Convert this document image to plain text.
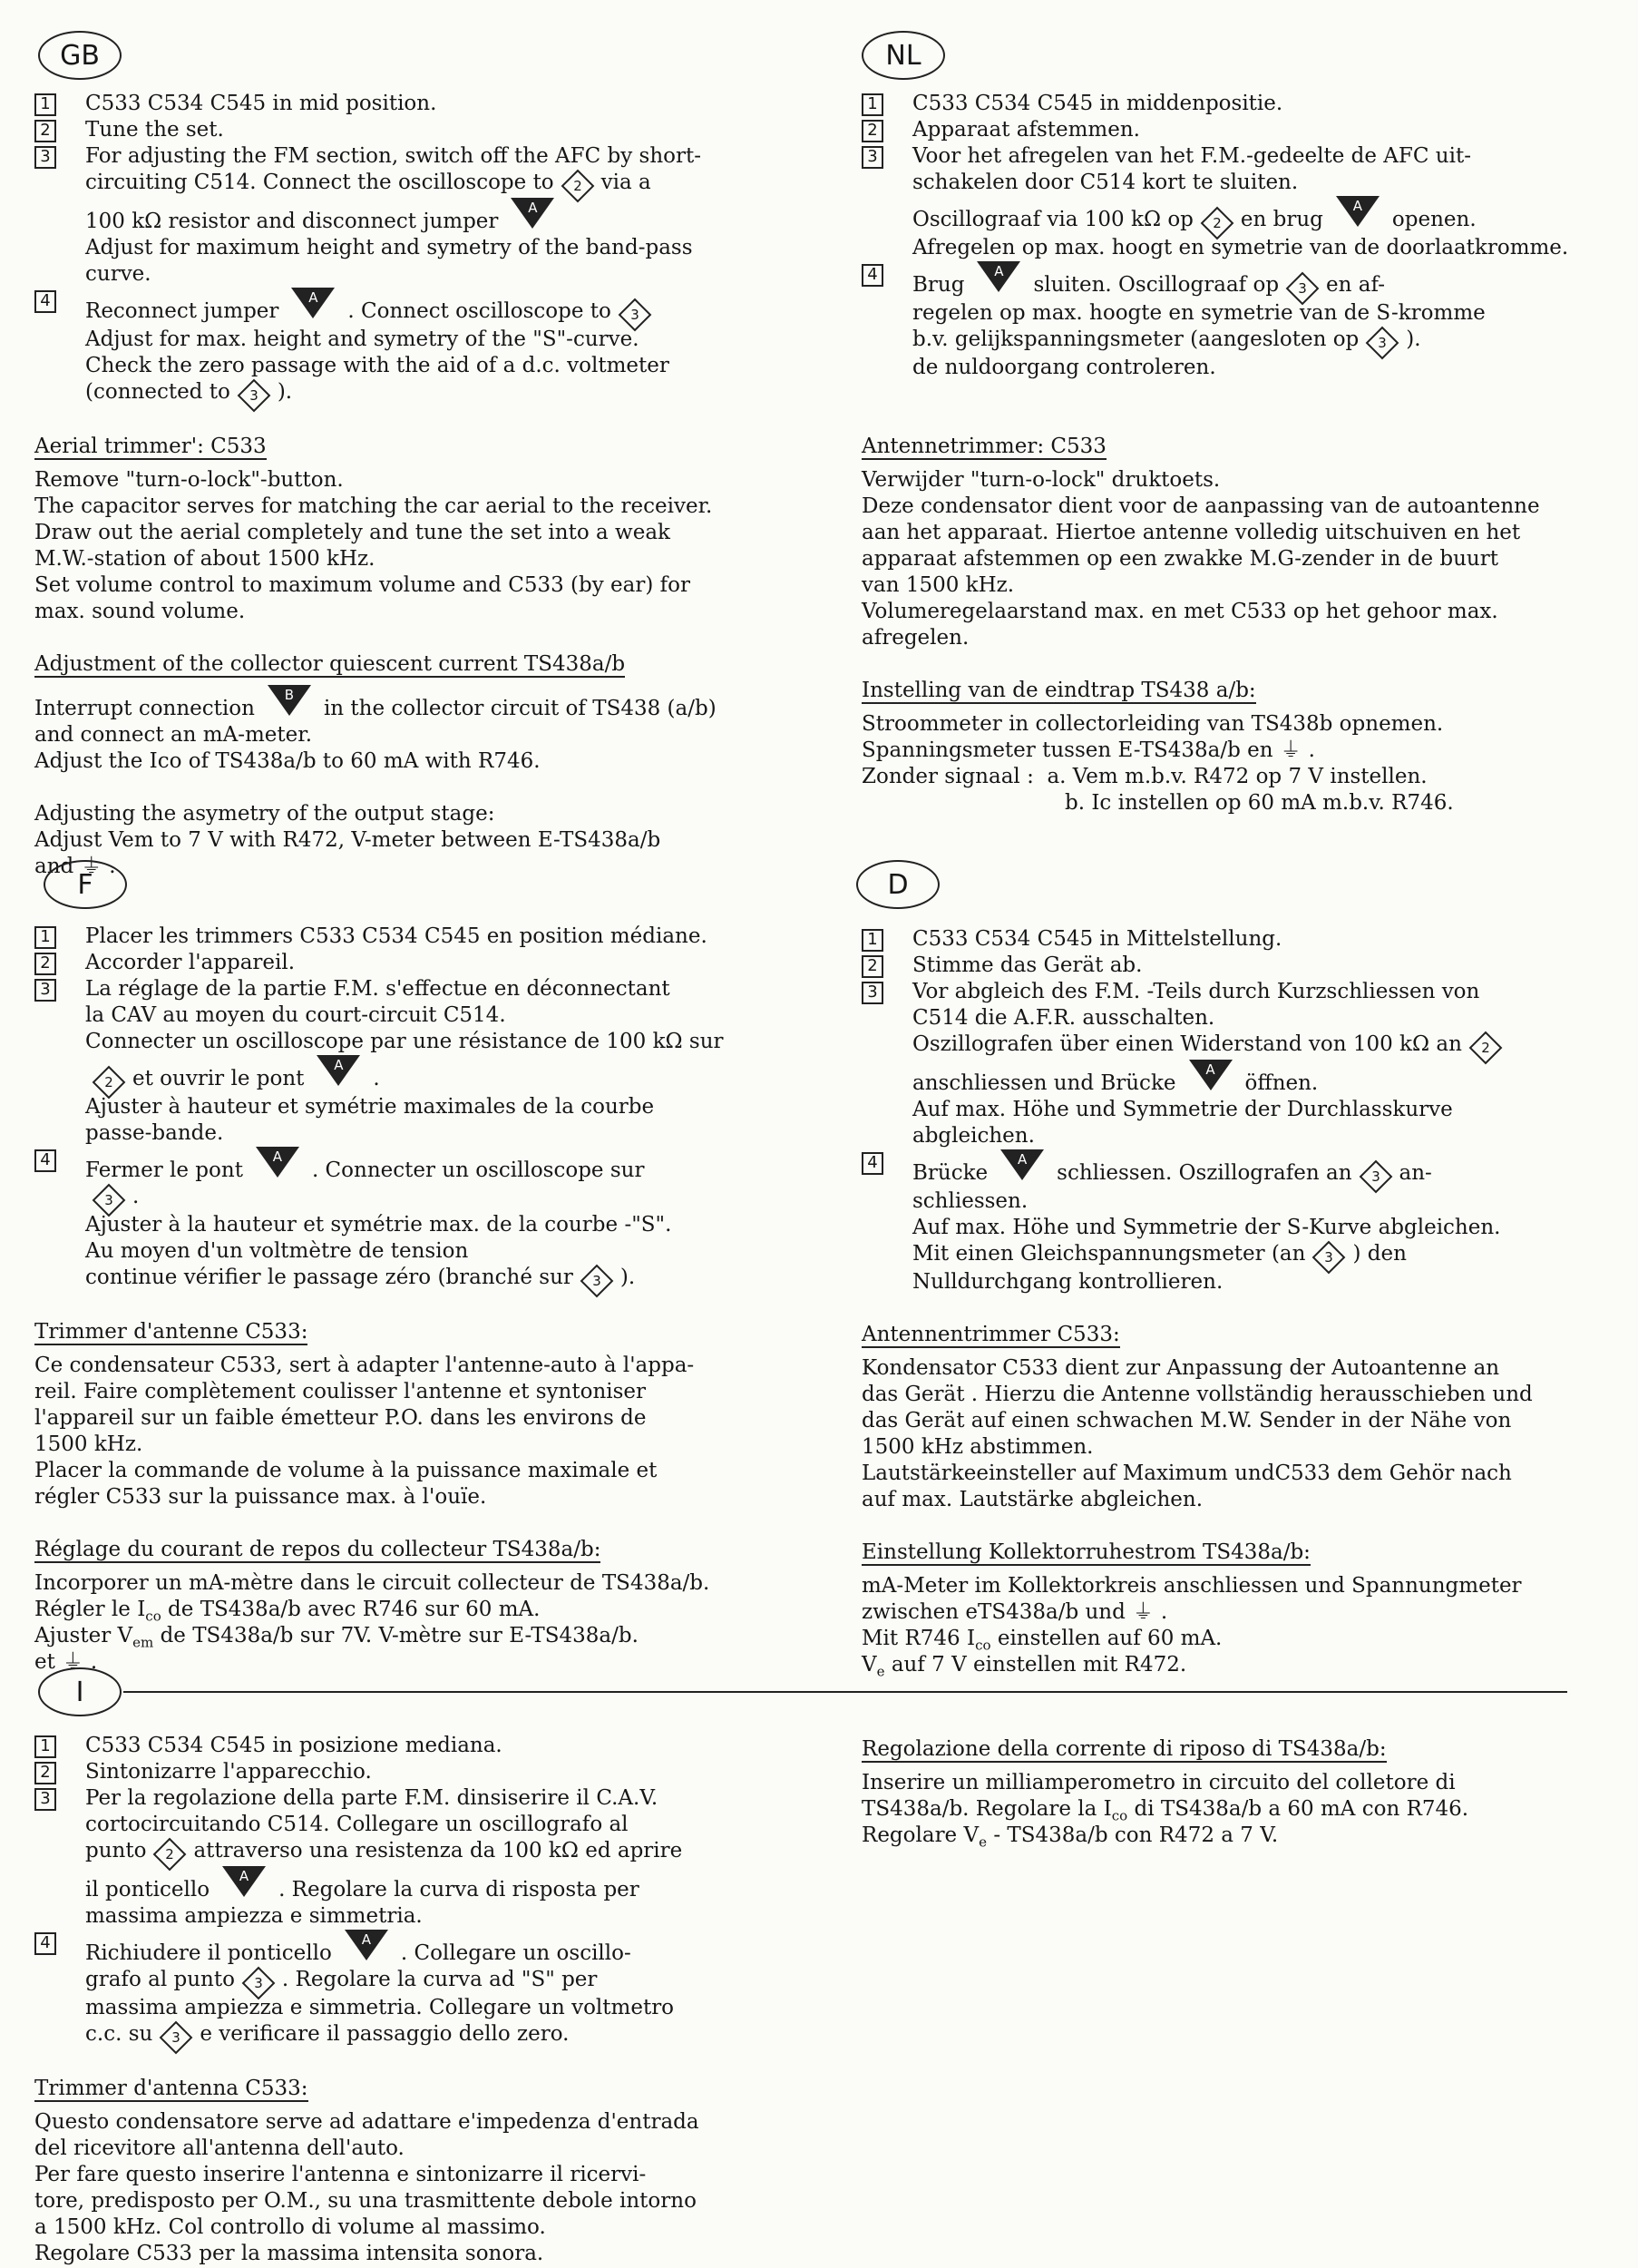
GB
1 C533 C534 C545 in mid position.
2 Tune the set.
3 For adjusting the FM section, switch off the AFC by short-
circuiting C514. Connect the oscilloscope to	2 via a
100 kΩ resistor and disconnect jumper
A
Adjust for maximum height and symetry of the band-pass
curve.
4 Reconnect jumper
A
. Connect oscilloscope to	3
Adjust for max. height and symetry of the "S"-curve.
Check the zero passage with the aid of a d.c. voltmeter
(connected to	3 ).
Aerial trimmer': C533
Remove "turn-o-lock"-button.
The capacitor serves for matching the car aerial to the receiver.
Draw out the aerial completely and tune the set into a weak
M.W.-station of about 1500 kHz.
Set volume control to maximum volume and C533 (by ear) for
max. sound volume.
Adjustment of the collector quiescent current TS438a/b
Interrupt connection
B
in the collector circuit of TS438 (a/b)
and connect an mA-meter.
Adjust the Ico of TS438a/b to 60 mA with R746.
Adjusting the asymetry of the output stage:
Adjust Vem to 7 V with R472, V-meter between E-TS438a/b
and ⏚ .
NL
1 C533 C534 C545 in middenpositie.
2 Apparaat afstemmen.
3 Voor het afregelen van het F.M.-gedeelte de AFC uit-
schakelen door C514 kort te sluiten.
Oscillograaf via 100 kΩ op	2 en brug
A
openen.
Afregelen op max. hoogt en symetrie van de doorlaatkromme.
4 Brug
A
sluiten. Oscillograaf op	3 en af-
regelen op max. hoogte en symetrie van de S-kromme
b.v. gelijkspanningsmeter (aangesloten op	3 ).
de nuldoorgang controleren.
Antennetrimmer: C533
Verwijder "turn-o-lock" druktoets.
Deze condensator dient voor de aanpassing van de autoantenne
aan het apparaat. Hiertoe antenne volledig uitschuiven en het
apparaat afstemmen op een zwakke M.G-zender in de buurt
van 1500 kHz.
Volumeregelaarstand max. en met C533 op het gehoor max.
afregelen.
Instelling van de eindtrap TS438 a/b:
Stroommeter in collectorleiding van TS438b opnemen.
Spanningsmeter tussen E-TS438a/b en ⏚ .
Zonder signaal : a. Vem m.b.v. R472 op 7 V instellen.
b. Ic instellen op 60 mA m.b.v. R746.
F
1 Placer les trimmers C533 C534 C545 en position médiane.
2 Accorder l'appareil.
3 La réglage de la partie F.M. s'effectue en déconnectant
la CAV au moyen du court-circuit C514.
Connecter un oscilloscope par une résistance de 100 kΩ sur
2 et ouvrir le pont
A
.
Ajuster à hauteur et symétrie maximales de la courbe
passe-bande.
4 Fermer le pont
A
. Connecter un oscilloscope sur
3 .
Ajuster à la hauteur et symétrie max. de la courbe -"S".
Au moyen d'un voltmètre de tension
continue vérifier le passage zéro (branché sur	3 ).
Trimmer d'antenne C533:
Ce condensateur C533, sert à adapter l'antenne-auto à l'appa-
reil. Faire complètement coulisser l'antenne et syntoniser
l'appareil sur un faible émetteur P.O. dans les environs de
1500 kHz.
Placer la commande de volume à la puissance maximale et
régler C533 sur la puissance max. à l'ouïe.
Réglage du courant de repos du collecteur TS438a/b:
Incorporer un mA-mètre dans le circuit collecteur de TS438a/b.
Régler le $I_{co}$ de TS438a/b avec R746 sur 60 mA.
Ajuster $V_{em}$ de TS438a/b sur 7V. V-mètre sur E-TS438a/b.
et ⏚ .
D
1 C533 C534 C545 in Mittelstellung.
2 Stimme das Gerät ab.
3 Vor abgleich des F.M. -Teils durch Kurzschliessen von
C514 die A.F.R. ausschalten.
Oszillografen über einen Widerstand von 100 kΩ an	2
anschliessen und Brücke
A
öffnen.
Auf max. Höhe und Symmetrie der Durchlasskurve
abgleichen.
4 Brücke
A
schliessen. Oszillografen an	3 an-
schliessen.
Auf max. Höhe und Symmetrie der S-Kurve abgleichen.
Mit einen Gleichspannungsmeter (an	3 ) den
Nulldurchgang kontrollieren.
Antennentrimmer C533:
Kondensator C533 dient zur Anpassung der Autoantenne an
das Gerät . Hierzu die Antenne vollständig herausschieben und
das Gerät auf einen schwachen M.W. Sender in der Nähe von
1500 kHz abstimmen.
Lautstärkeeinsteller auf Maximum undC533 dem Gehör nach
auf max. Lautstärke abgleichen.
Einstellung Kollektorruhestrom TS438a/b:
mA-Meter im Kollektorkreis anschliessen und Spannungmeter
zwischen eTS438a/b und ⏚ .
Mit R746 $I_{co}$ einstellen auf 60 mA.
$V_e$ auf 7 V einstellen mit R472.
I
1 C533 C534 C545 in posizione mediana.
2 Sintonizarre l'apparecchio.
3 Per la regolazione della parte F.M. dinsiserire il C.A.V.
cortocircuitando C514. Collegare un oscillografo al
punto	2 attraverso una resistenza da 100 kΩ ed aprire
il ponticello
A
. Regolare la curva di risposta per
massima ampiezza e simmetria.
4 Richiudere il ponticello
A
. Collegare un oscillo-
grafo al punto	3 . Regolare la curva ad "S" per
massima ampiezza e simmetria. Collegare un voltmetro
c.c. su	3 e verificare il passaggio dello zero.
Trimmer d'antenna C533:
Questo condensatore serve ad adattare e'impedenza d'entrada
del ricevitore all'antenna dell'auto.
Per fare questo inserire l'antenna e sintonizarre il ricervi-
tore, predisposto per O.M., su una trasmittente debole intorno
a 1500 kHz. Col controllo di volume al massimo.
Regolare C533 per la massima intensita sonora.
Regolazione della corrente di riposo di TS438a/b:
Inserire un milliamperometro in circuito del colletore di
TS438a/b. Regolare la $I_{co}$ di TS438a/b a 60 mA con R746.
Regolare $V_e - TS438a/b$ con R472 a 7 V.
